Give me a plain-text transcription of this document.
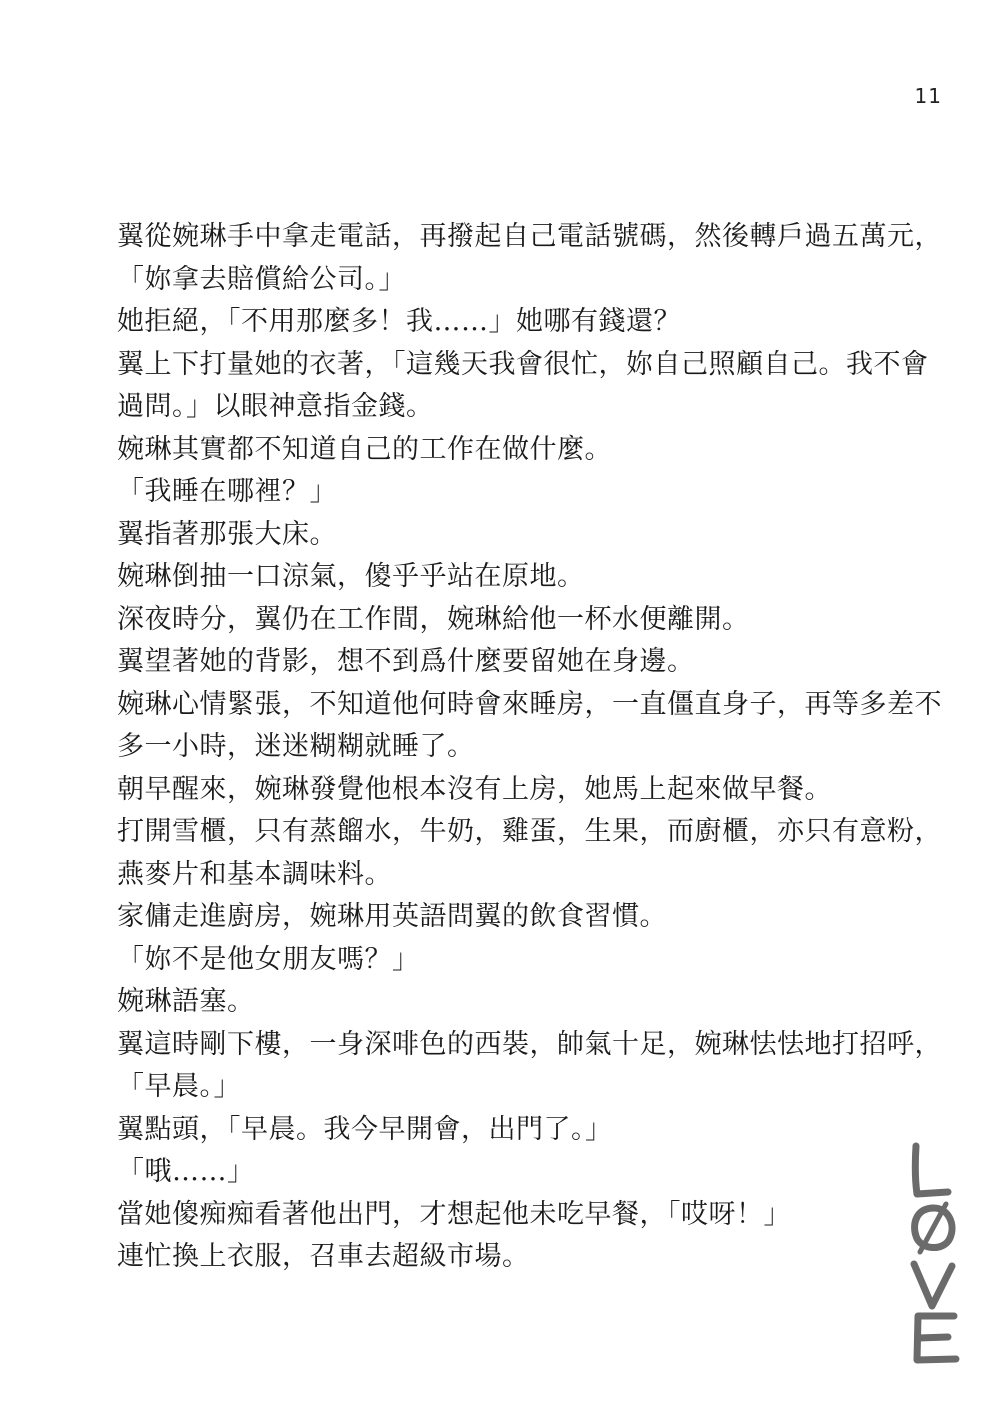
11
翼從婉琳手中拿走電話，再撥起自己電話號碼，然後轉戶過五萬元，
「妳拿去賠償給公司。」
她拒絕，「不用那麼多！我……」她哪有錢還？
翼上下打量她的衣著，「這幾天我會很忙，妳自己照顧自己。我不會
過問。」以眼神意指金錢。
婉琳其實都不知道自己的工作在做什麼。
「我睡在哪裡？」
翼指著那張大床。
婉琳倒抽一口涼氣，傻乎乎站在原地。
深夜時分，翼仍在工作間，婉琳給他一杯水便離開。
翼望著她的背影，想不到爲什麼要留她在身邊。
婉琳心情緊張，不知道他何時會來睡房，一直僵直身子，再等多差不
多一小時，迷迷糊糊就睡了。
朝早醒來，婉琳發覺他根本沒有上房，她馬上起來做早餐。
打開雪櫃，只有蒸餾水，牛奶，雞蛋，生果，而廚櫃，亦只有意粉，
燕麥片和基本調味料。
家傭走進廚房，婉琳用英語問翼的飲食習慣。
「妳不是他女朋友嗎？」
婉琳語塞。
翼這時剛下樓，一身深啡色的西裝，帥氣十足，婉琳怯怯地打招呼，
「早晨。」
翼點頭，「早晨。我今早開會，出門了。」
「哦……」
當她傻痴痴看著他出門，才想起他未吃早餐，「哎呀！」
連忙換上衣服，召車去超級市場。
